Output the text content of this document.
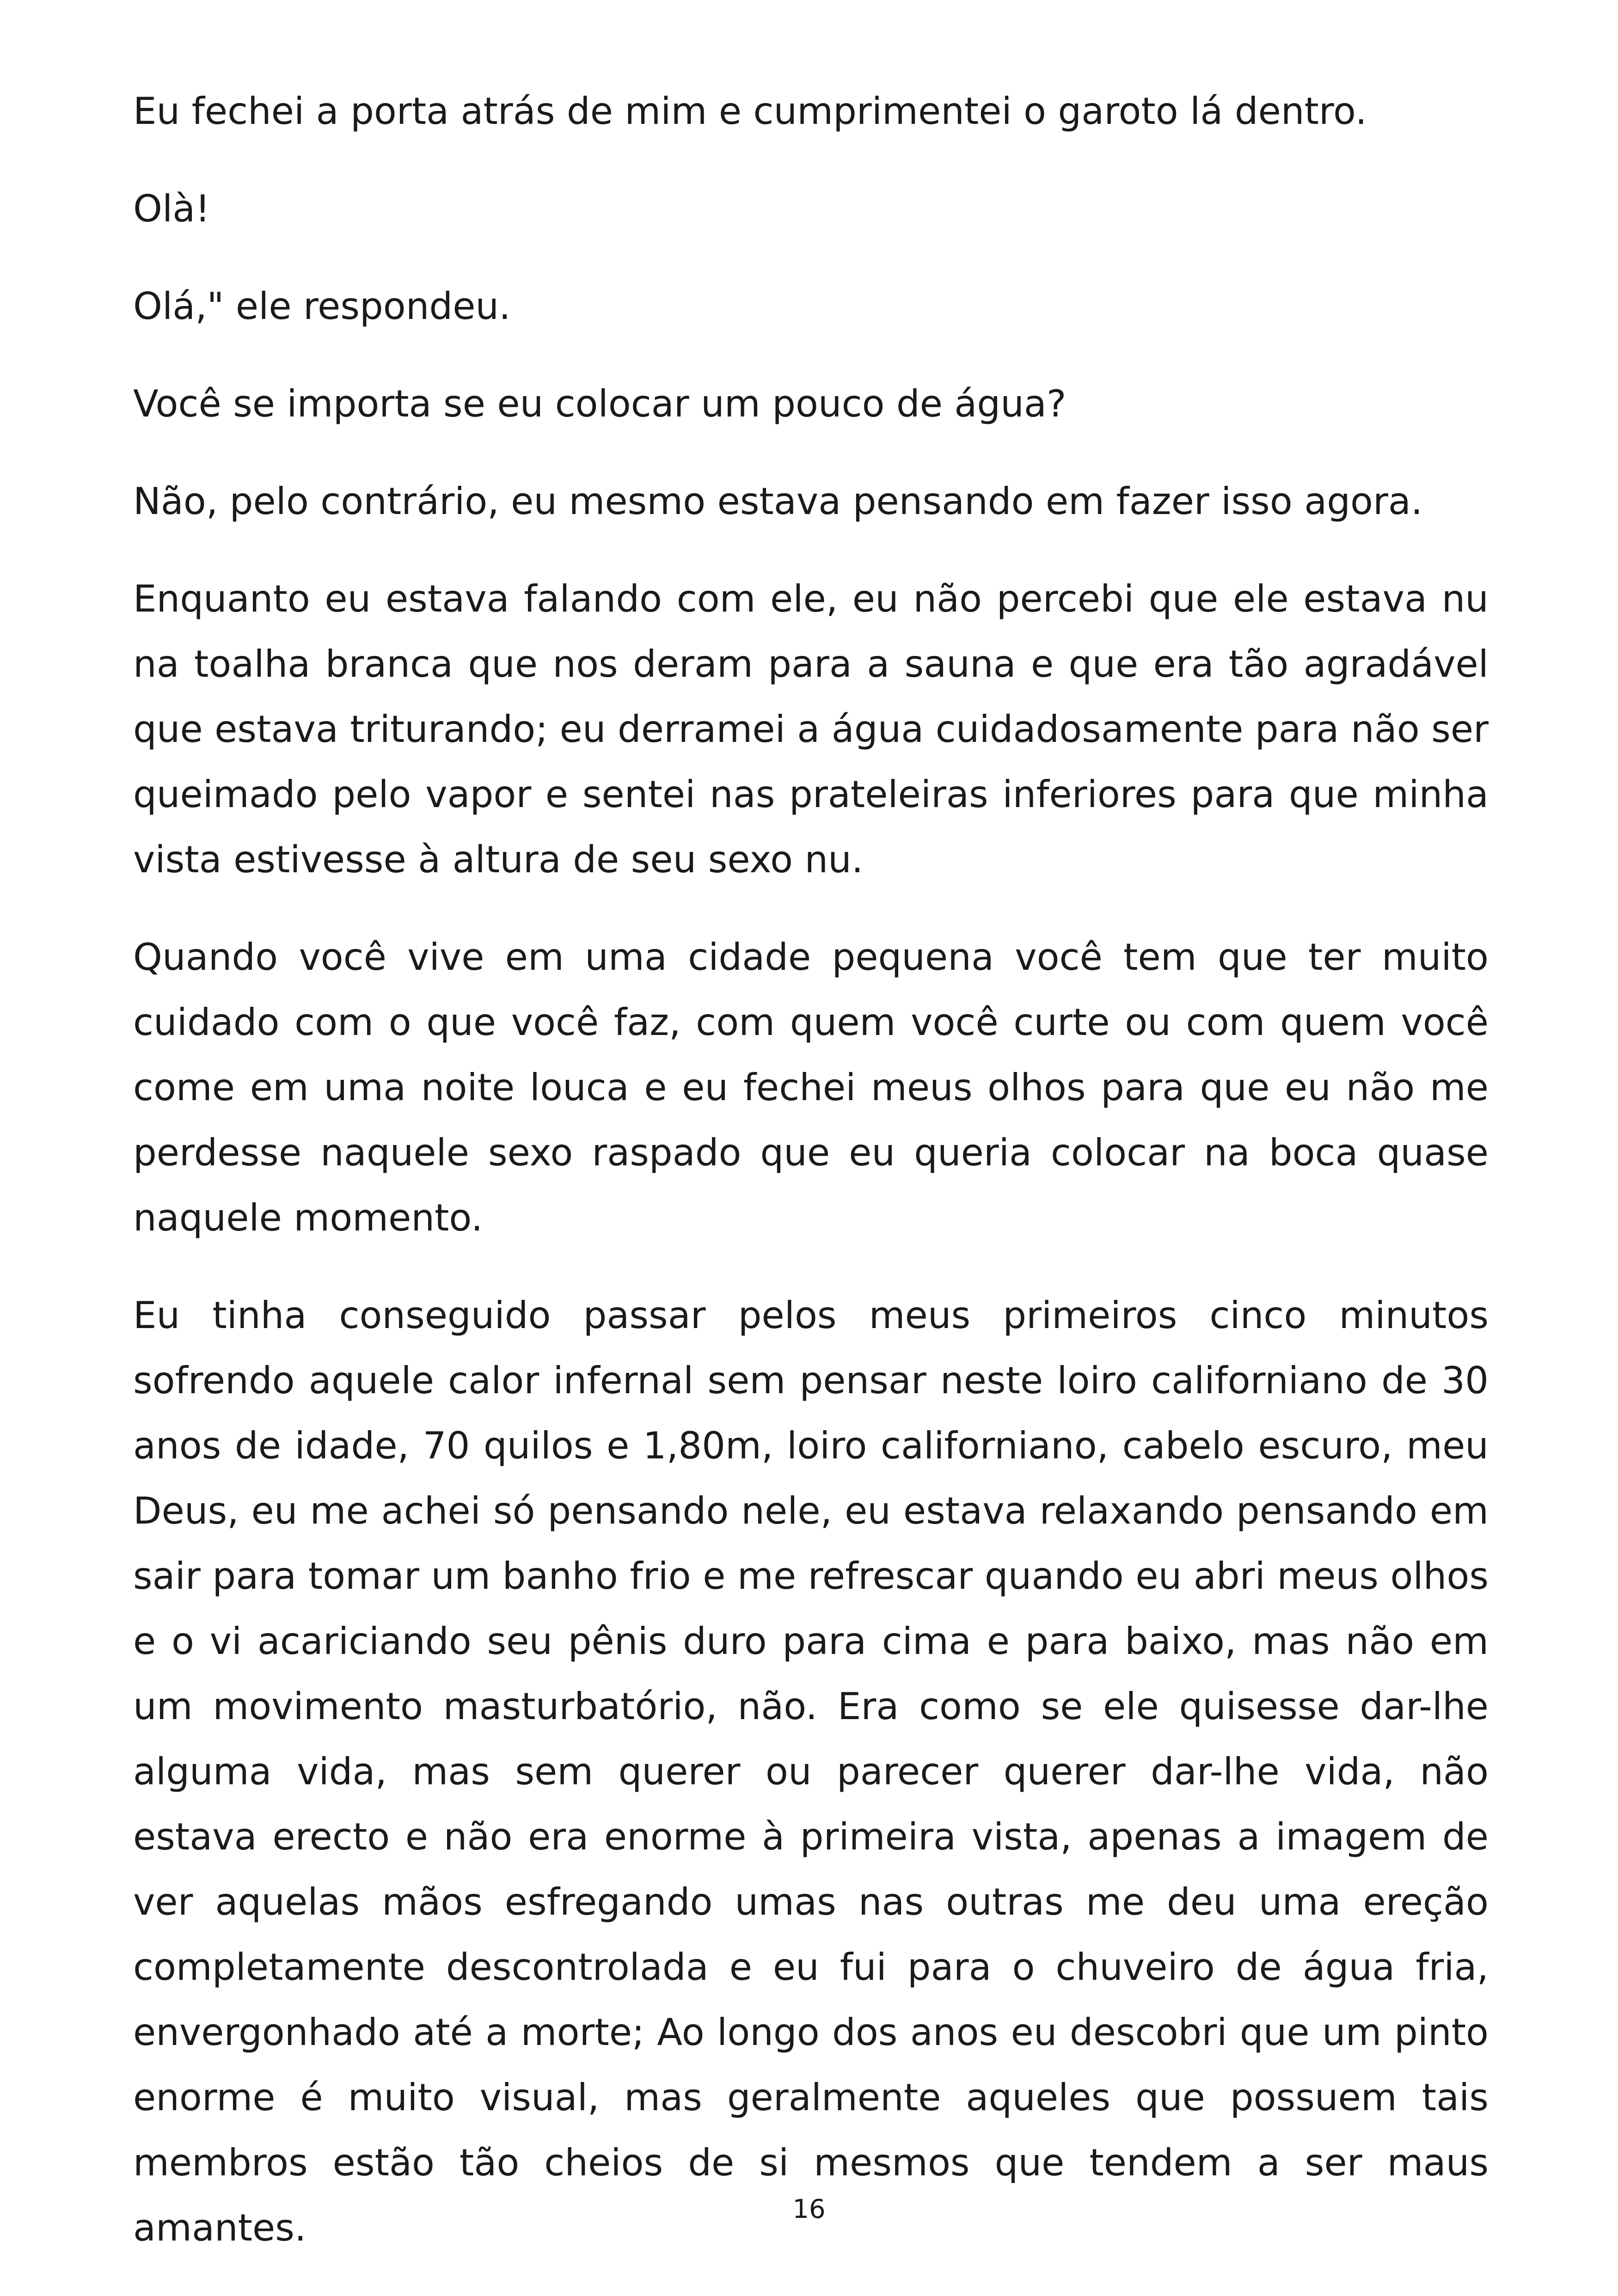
Eu fechei a porta atrás de mim e cumprimentei o garoto lá dentro.

Olà!

Olá," ele respondeu.

Você se importa se eu colocar um pouco de água?

Não, pelo contrário, eu mesmo estava pensando em fazer isso agora.

Enquanto eu estava falando com ele, eu não percebi que ele estava nu na toalha branca que nos deram para a sauna e que era tão agradável que estava triturando; eu derramei a água cuidadosamente para não ser queimado pelo vapor e sentei nas prateleiras inferiores para que minha vista estivesse à altura de seu sexo nu.

Quando você vive em uma cidade pequena você tem que ter muito cuidado com o que você faz, com quem você curte ou com quem você come em uma noite louca e eu fechei meus olhos para que eu não me perdesse naquele sexo raspado que eu queria colocar na boca quase naquele momento.

Eu tinha conseguido passar pelos meus primeiros cinco minutos sofrendo aquele calor infernal sem pensar neste loiro californiano de 30 anos de idade, 70 quilos e 1,80m, loiro californiano, cabelo escuro, meu Deus, eu me achei só pensando nele, eu estava relaxando pensando em sair para tomar um banho frio e me refrescar quando eu abri meus olhos e o vi acariciando seu pênis duro para cima e para baixo, mas não em um movimento masturbatório, não. Era como se ele quisesse dar-lhe alguma vida, mas sem querer ou parecer querer dar-lhe vida, não estava erecto e não era enorme à primeira vista, apenas a imagem de ver aquelas mãos esfregando umas nas outras me deu uma ereção completamente descontrolada e eu fui para o chuveiro de água fria, envergonhado até a morte; Ao longo dos anos eu descobri que um pinto enorme é muito visual, mas geralmente aqueles que possuem tais membros estão tão cheios de si mesmos que tendem a ser maus amantes.	16
